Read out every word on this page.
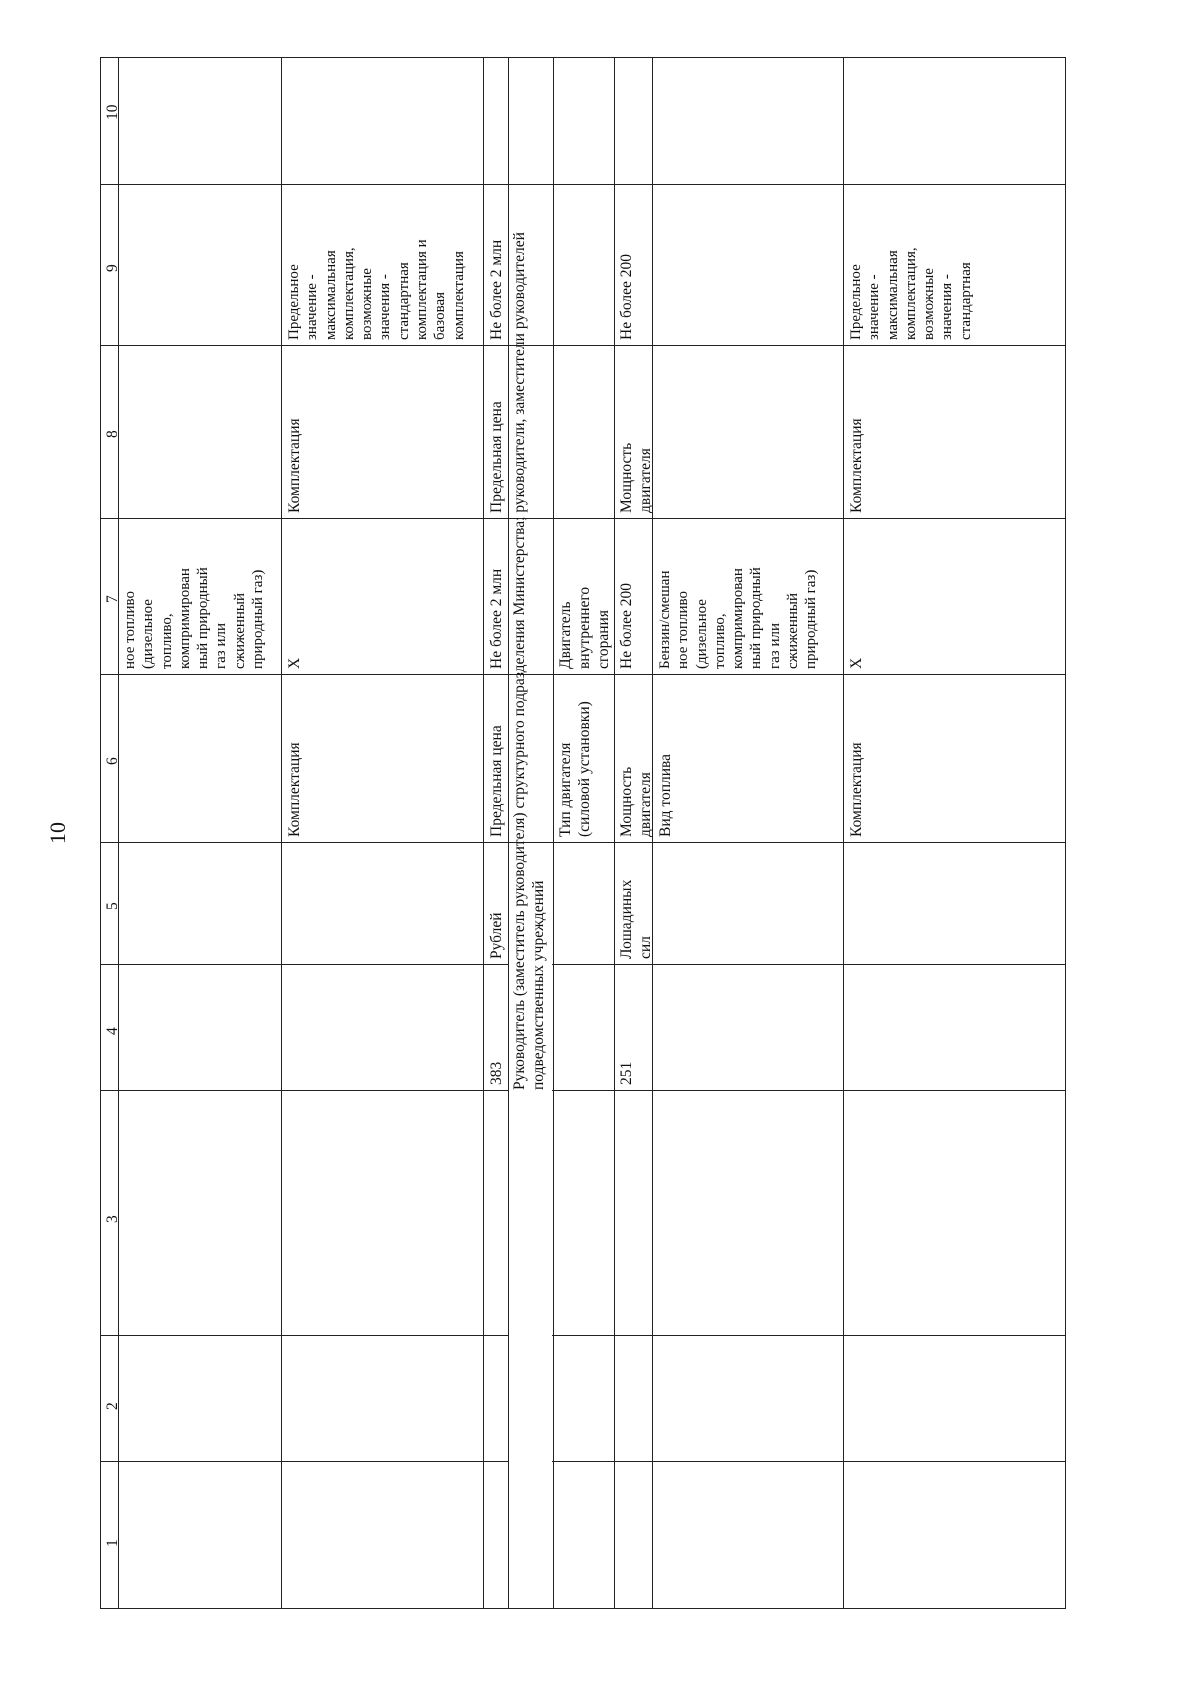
10
1
2
3
4
5
6
7
8
9
10
ное топливо (дизельное топливо, компримирован ный природный газ или сжиженный природный газ)
Комплектация
X
Комплектация
Предельное значение - максимальная комплектация, возможные значения - стандартная комплектация и базовая комплектация
383
Рублей
Предельная цена
Не более 2 млн
Предельная цена
Не более 2 млн Руководитель (заместитель руководителя) структурного подразделения Министерства; руководители, заместители руководителей подведомственных учреждений
Тип двигателя (силовой установки)
Двигатель внутреннего сгорания
251
Лошадиных сил
Мощность двигателя
Не более 200
Мощность двигателя
Не более 200
Вид топлива
Бензин/смешан ное топливо (дизельное топливо, компримирован ный природный газ или сжиженный природный газ)
Комплектация
X
Комплектация
Предельное значение - максимальная комплектация, возможные значения - стандартная
